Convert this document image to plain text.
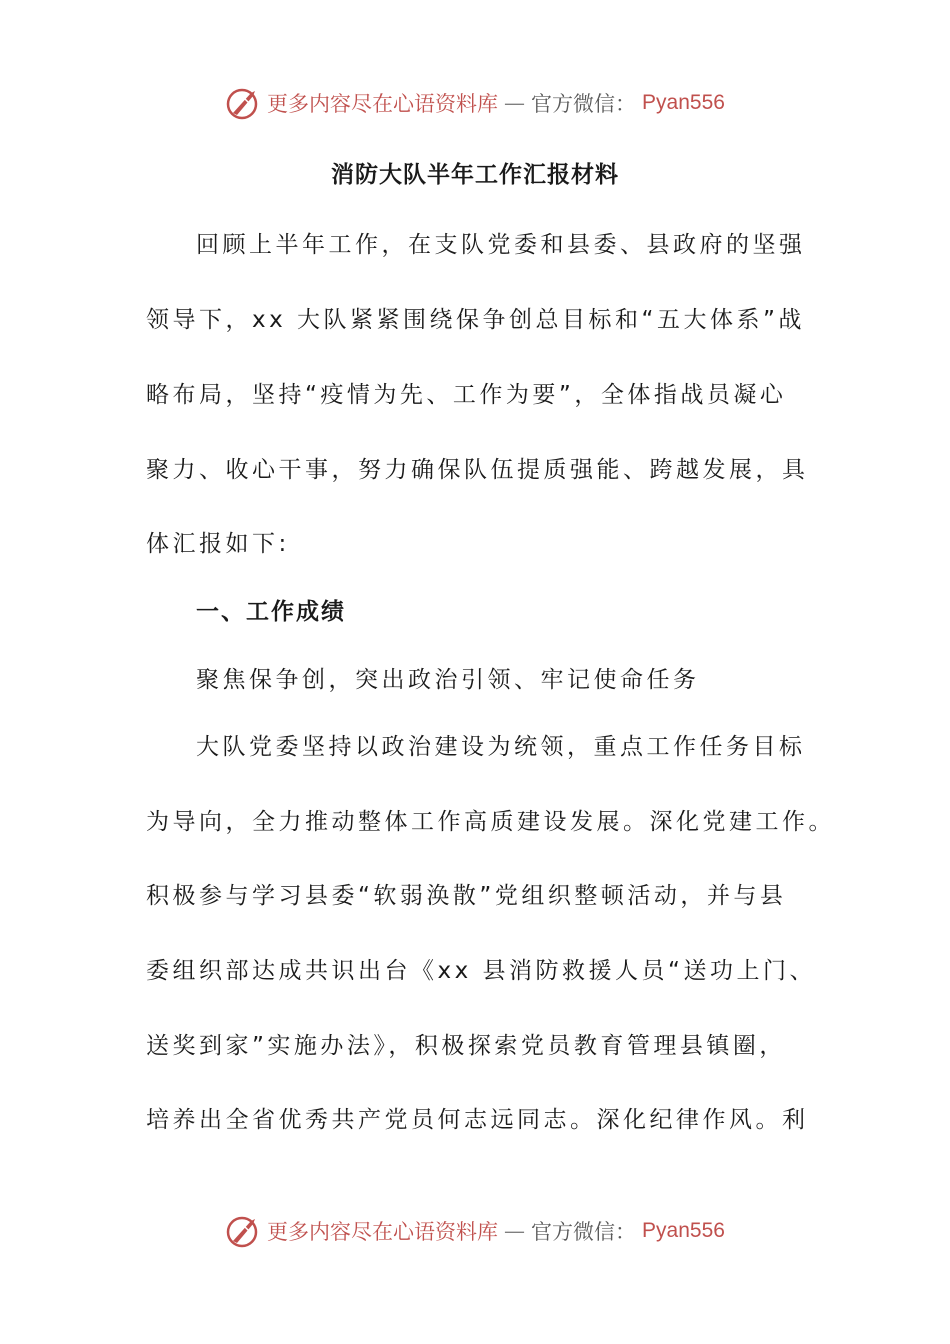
更多内容尽在心语资料库 — 官方微信： Pyan556
消防大队半年工作汇报材料
回顾上半年工作，在支队党委和县委、县政府的坚强
领导下，xx 大队紧紧围绕保争创总目标和“五大体系”战
略布局，坚持“疫情为先、工作为要”，全体指战员凝心
聚力、收心干事，努力确保队伍提质强能、跨越发展，具
体汇报如下:
一、工作成绩
聚焦保争创，突出政治引领、牢记使命任务
大队党委坚持以政治建设为统领，重点工作任务目标
为导向，全力推动整体工作高质建设发展。深化党建工作。
积极参与学习县委“软弱涣散”党组织整顿活动，并与县
委组织部达成共识出台《xx 县消防救援人员“送功上门、
送奖到家”实施办法》，积极探索党员教育管理县镇圈，
培养出全省优秀共产党员何志远同志。深化纪律作风。利
更多内容尽在心语资料库 — 官方微信： Pyan556
